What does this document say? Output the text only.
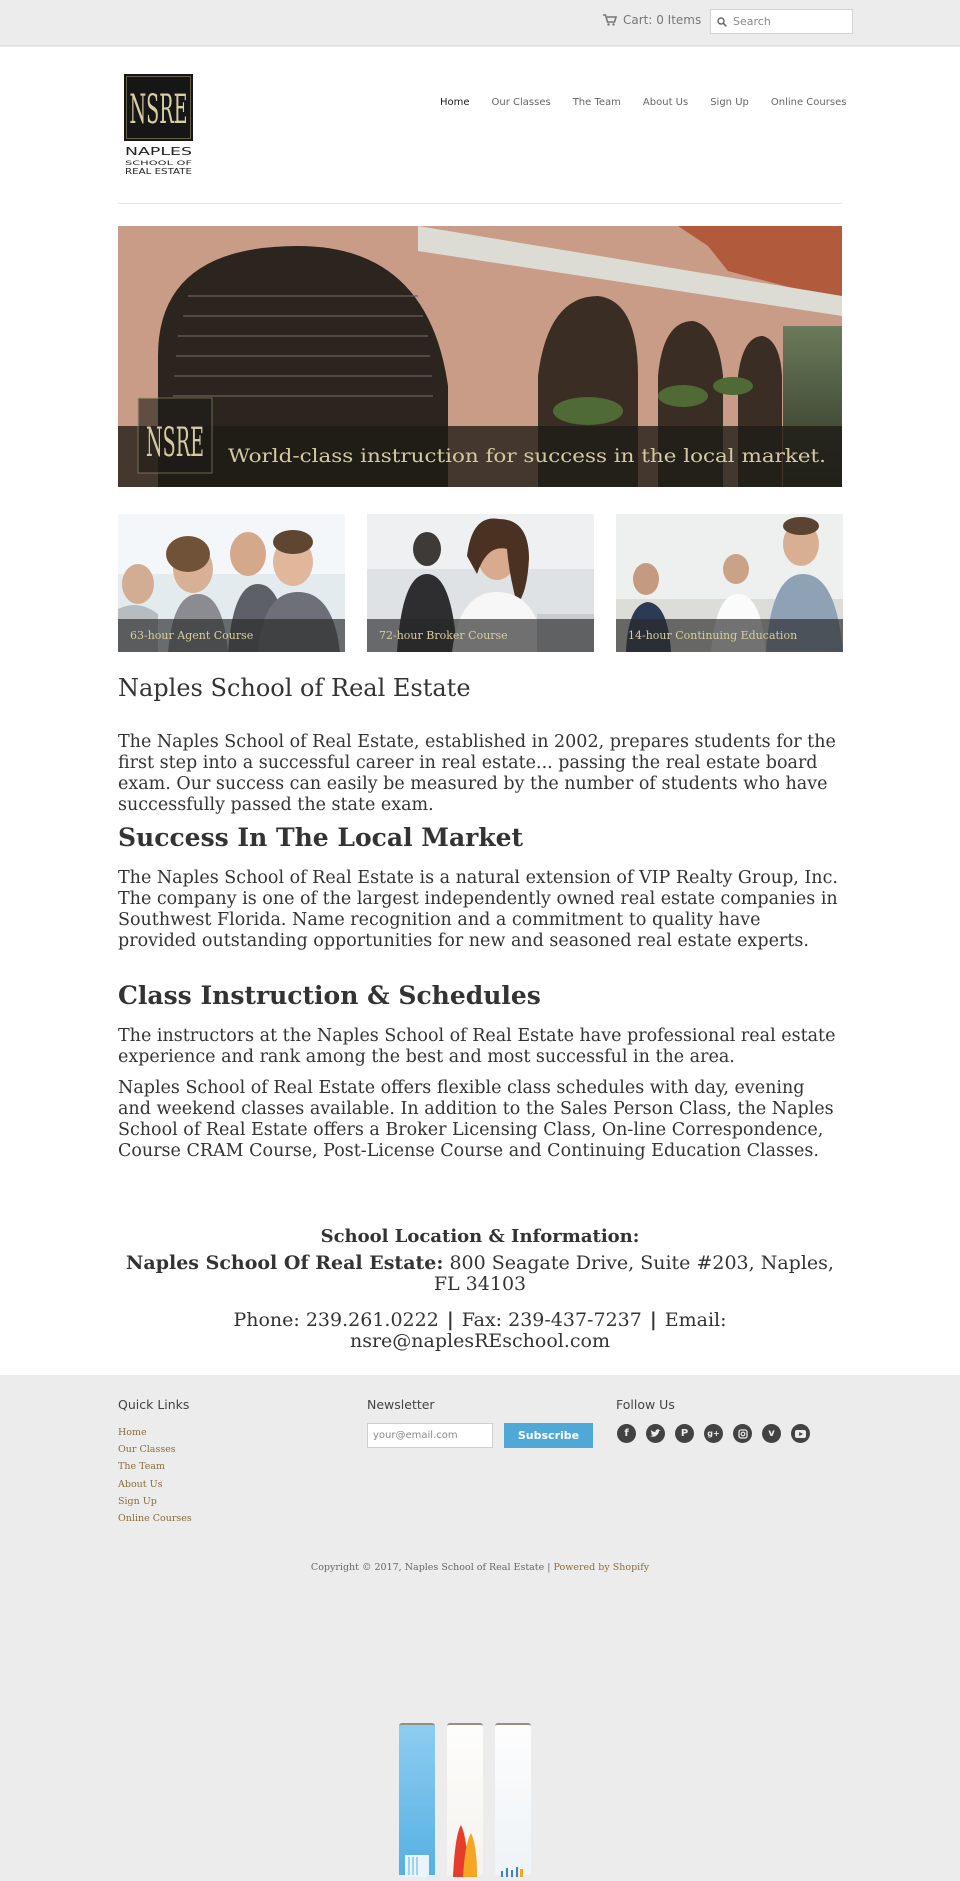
Cart: 0 Items
Search
NSRE
NAPLES
SCHOOL OF
REAL ESTATE
Home Our Classes The Team About Us Sign Up Online Courses
NSRE World-class instruction for success in the local market.
63-hour Agent Course	72-hour Broker Course	14-hour Continuing Education
Naples School of Real Estate

The Naples School of Real Estate, established in 2002, prepares students for the first step into a successful career in real estate... passing the real estate board exam. Our success can easily be measured by the number of students who have successfully passed the state exam.

Success In The Local Market

The Naples School of Real Estate is a natural extension of VIP Realty Group, Inc. The company is one of the largest independently owned real estate companies in Southwest Florida. Name recognition and a commitment to quality have provided outstanding opportunities for new and seasoned real estate experts.

Class Instruction & Schedules

The instructors at the Naples School of Real Estate have professional real estate experience and rank among the best and most successful in the area.

Naples School of Real Estate offers flexible class schedules with day, evening and weekend classes available. In addition to the Sales Person Class, the Naples School of Real Estate offers a Broker Licensing Class, On-line Correspondence, Course CRAM Course, Post-License Course and Continuing Education Classes.

School Location & Information:
Naples School Of Real Estate: 800 Seagate Drive, Suite #203, Naples, FL 34103
Phone: 239.261.0222 | Fax: 239-437-7237 | Email: nsre@naplesREschool.com
Quick Links
Home
Our Classes
The Team
About Us
Sign Up
Online Courses
Newsletter
your@email.com
Subscribe
Follow Us
f	P	g+	v
Copyright © 2017, Naples School of Real Estate | Powered by Shopify
